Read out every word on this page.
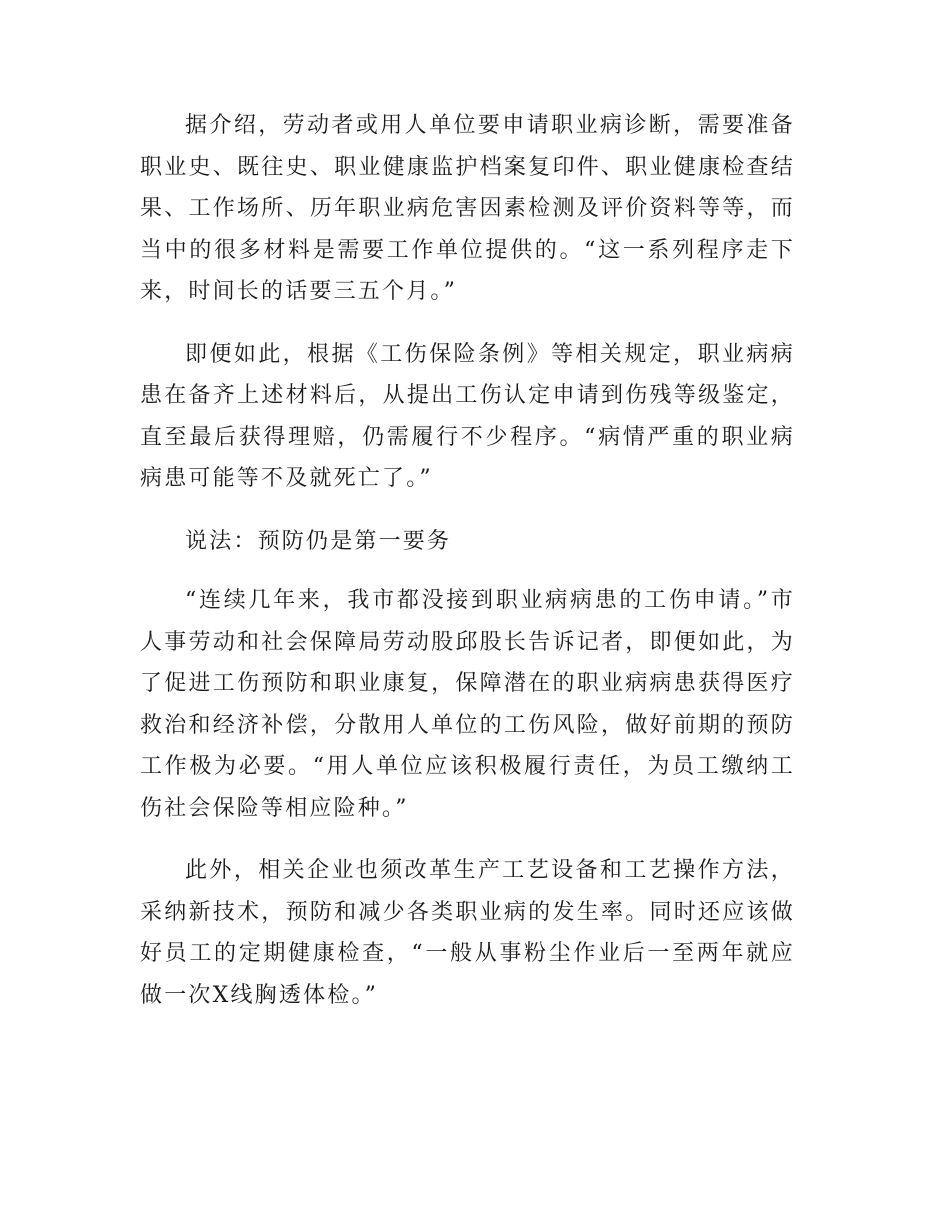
据介绍，劳动者或用人单位要申请职业病诊断，需要准备职业史、既往史、职业健康监护档案复印件、职业健康检查结果、工作场所、历年职业病危害因素检测及评价资料等等，而当中的很多材料是需要工作单位提供的。“这一系列程序走下来，时间长的话要三五个月。”

即便如此，根据《工伤保险条例》等相关规定，职业病病患在备齐上述材料后，从提出工伤认定申请到伤残等级鉴定，直至最后获得理赔，仍需履行不少程序。“病情严重的职业病病患可能等不及就死亡了。”

说法：预防仍是第一要务

“连续几年来，我市都没接到职业病病患的工伤申请。”市人事劳动和社会保障局劳动股邱股长告诉记者，即便如此，为了促进工伤预防和职业康复，保障潜在的职业病病患获得医疗救治和经济补偿，分散用人单位的工伤风险，做好前期的预防工作极为必要。“用人单位应该积极履行责任，为员工缴纳工伤社会保险等相应险种。”

此外，相关企业也须改革生产工艺设备和工艺操作方法，采纳新技术，预防和减少各类职业病的发生率。同时还应该做好员工的定期健康检查，“一般从事粉尘作业后一至两年就应做一次X线胸透体检。”
